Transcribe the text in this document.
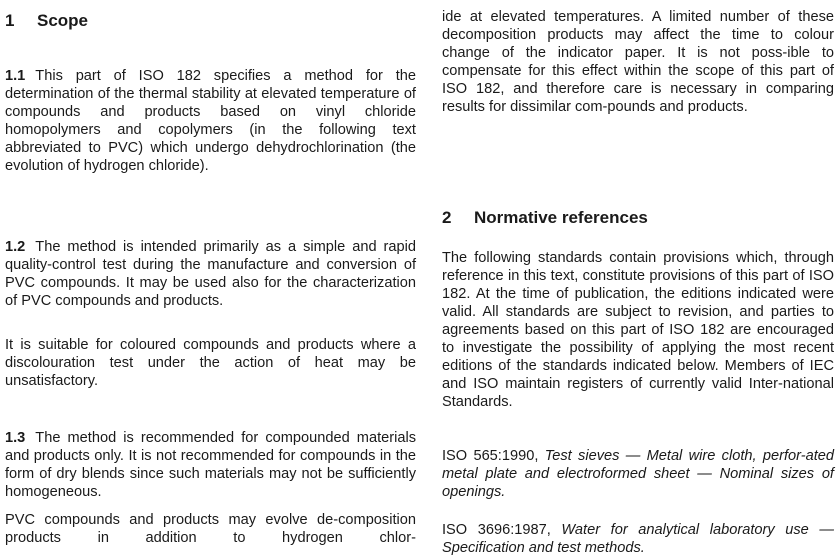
1 Scope

1.1 This part of ISO 182 specifies a method for the determination of the thermal stability at elevated temperature of compounds and products based on vinyl chloride homopolymers and copolymers (in the following text abbreviated to PVC) which undergo dehydrochlorination (the evolution of hydrogen chloride).

1.2 The method is intended primarily as a simple and rapid quality-control test during the manufacture and conversion of PVC compounds. It may be used also for the characterization of PVC compounds and products.

It is suitable for coloured compounds and products where a discolouration test under the action of heat may be unsatisfactory.

1.3 The method is recommended for compounded materials and products only. It is not recommended for compounds in the form of dry blends since such materials may not be sufficiently homogeneous.

PVC compounds and products may evolve de-composition products in addition to hydrogen chlor-

ide at elevated temperatures. A limited number of these decomposition products may affect the time to colour change of the indicator paper. It is not poss-ible to compensate for this effect within the scope of this part of ISO 182, and therefore care is necessary in comparing results for dissimilar com-pounds and products.

2 Normative references

The following standards contain provisions which, through reference in this text, constitute provisions of this part of ISO 182. At the time of publication, the editions indicated were valid. All standards are subject to revision, and parties to agreements based on this part of ISO 182 are encouraged to investigate the possibility of applying the most recent editions of the standards indicated below. Members of IEC and ISO maintain registers of currently valid Inter-national Standards.

ISO 565:1990, Test sieves — Metal wire cloth, perfor-ated metal plate and electroformed sheet — Nominal sizes of openings.

ISO 3696:1987, Water for analytical laboratory use — Specification and test methods.
